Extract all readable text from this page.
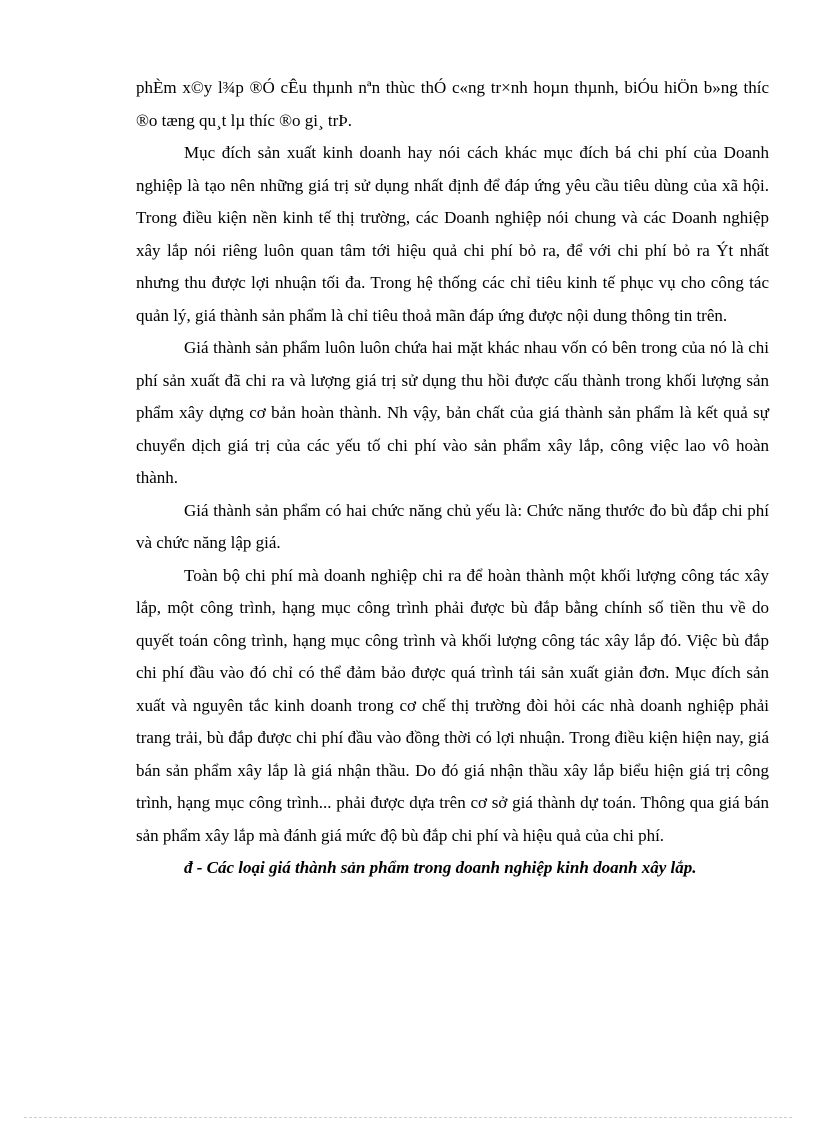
phÈm x©y l¾p ®Ó cÊu thµnh nªn thùc thÓ c«ng tr×nh hoµn thµnh, biÓu hiÖn b»ng thíc ®o tæng qu¸t lµ thíc ®o gi¸ trÞ.

Mục đích sản xuất kinh doanh hay nói cách khác mục đích bá chi phí của Doanh nghiệp là tạo nên những giá trị sử dụng nhất định để đáp ứng yêu cầu tiêu dùng của xã hội. Trong điều kiện nền kinh tế thị trường, các Doanh nghiệp nói chung và các Doanh nghiệp xây lắp nói riêng luôn quan tâm tới hiệu quả chi phí bỏ ra, để với chi phí bỏ ra Ýt nhất nhưng thu được lợi nhuận tối đa. Trong hệ thống các chỉ tiêu kinh tế phục vụ cho công tác quản lý, giá thành sản phẩm là chỉ tiêu thoả mãn đáp ứng được nội dung thông tin trên.

Giá thành sản phẩm luôn luôn chứa hai mặt khác nhau vốn có bên trong của nó là chi phí sản xuất đã chi ra và lượng giá trị sử dụng thu hồi được cấu thành trong khối lượng sản phẩm xây dựng cơ bản hoàn thành. Nh vậy, bản chất của giá thành sản phẩm là kết quả sự chuyển dịch giá trị của các yếu tố chi phí vào sản phẩm xây lắp, công việc lao vô hoàn thành.

Giá thành sản phẩm có hai chức năng chủ yếu là: Chức năng thước đo bù đắp chi phí và chức năng lập giá.

Toàn bộ chi phí mà doanh nghiệp chi ra để hoàn thành một khối lượng công tác xây lắp, một công trình, hạng mục công trình phải được bù đắp bằng chính số tiền thu về do quyết toán công trình, hạng mục công trình và khối lượng công tác xây lắp đó. Việc bù đắp chi phí đầu vào đó chỉ có thể đảm bảo được quá trình tái sản xuất giản đơn. Mục đích sản xuất và nguyên tắc kinh doanh trong cơ chế thị trường đòi hỏi các nhà doanh nghiệp phải trang trải, bù đắp được chi phí đầu vào đồng thời có lợi nhuận. Trong điều kiện hiện nay, giá bán sản phẩm xây lắp là giá nhận thầu. Do đó giá nhận thầu xây lắp biểu hiện giá trị công trình, hạng mục công trình... phải được dựa trên cơ sở giá thành dự toán. Thông qua giá bán sản phẩm xây lắp mà đánh giá mức độ bù đắp chi phí và hiệu quả của chi phí.

đ - Các loại giá thành sản phẩm trong doanh nghiệp kinh doanh xây lắp.
